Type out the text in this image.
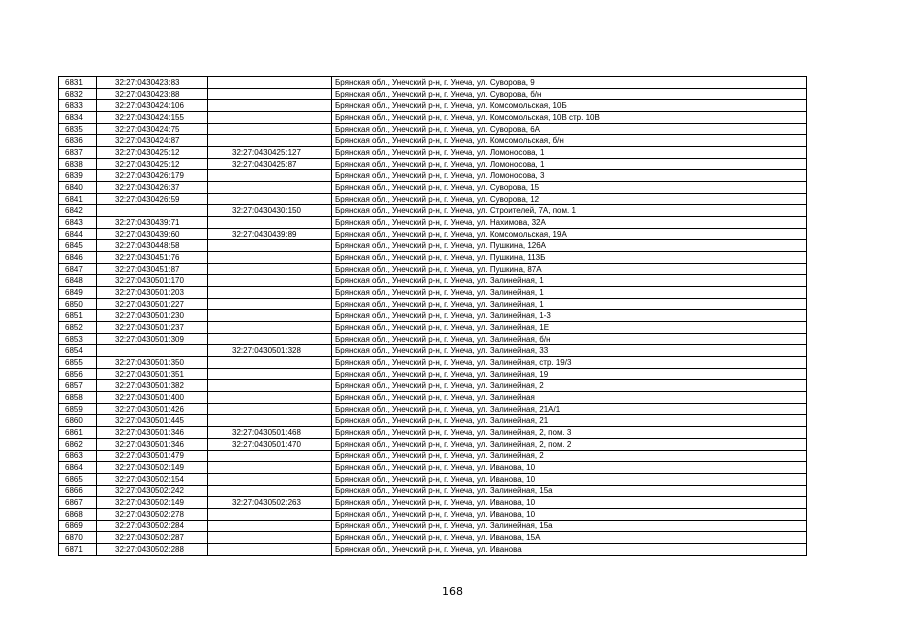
6831	32:27:0430423:83		Брянская обл., Унечский р-н, г. Унеча, ул. Суворова, 9
6832	32:27:0430423:88		Брянская обл., Унечский р-н, г. Унеча, ул. Суворова, б/н
6833	32:27:0430424:106		Брянская обл., Унечский р-н, г. Унеча, ул. Комсомольская, 10Б
6834	32:27:0430424:155		Брянская обл., Унечский р-н, г. Унеча, ул. Комсомольская, 10В стр. 10В
6835	32:27:0430424:75		Брянская обл., Унечский р-н, г. Унеча, ул. Суворова, 6А
6836	32:27:0430424:87		Брянская обл., Унечский р-н, г. Унеча, ул. Комсомольская, б/н
6837	32:27:0430425:12	32:27:0430425:127	Брянская обл., Унечский р-н, г. Унеча, ул. Ломоносова, 1
6838	32:27:0430425:12	32:27:0430425:87	Брянская обл., Унечский р-н, г. Унеча, ул. Ломоносова, 1
6839	32:27:0430426:179		Брянская обл., Унечский р-н, г. Унеча, ул. Ломоносова, 3
6840	32:27:0430426:37		Брянская обл., Унечский р-н, г. Унеча, ул. Суворова, 15
6841	32:27:0430426:59		Брянская обл., Унечский р-н, г. Унеча, ул. Суворова, 12
6842		32:27:0430430:150	Брянская обл., Унечский р-н, г. Унеча, ул. Строителей, 7А, пом. 1
6843	32:27:0430439:71		Брянская обл., Унечский р-н, г. Унеча, ул. Нахимова, 32А
6844	32:27:0430439:60	32:27:0430439:89	Брянская обл., Унечский р-н, г. Унеча, ул. Комсомольская, 19А
6845	32:27:0430448:58		Брянская обл., Унечский р-н, г. Унеча, ул. Пушкина, 126А
6846	32:27:0430451:76		Брянская обл., Унечский р-н, г. Унеча, ул. Пушкина, 113Б
6847	32:27:0430451:87		Брянская обл., Унечский р-н, г. Унеча, ул. Пушкина, 87А
6848	32:27:0430501:170		Брянская обл., Унечский р-н, г. Унеча, ул. Залинейная, 1
6849	32:27:0430501:203		Брянская обл., Унечский р-н, г. Унеча, ул. Залинейная, 1
6850	32:27:0430501:227		Брянская обл., Унечский р-н, г. Унеча, ул. Залинейная, 1
6851	32:27:0430501:230		Брянская обл., Унечский р-н, г. Унеча, ул. Залинейная, 1-3
6852	32:27:0430501:237		Брянская обл., Унечский р-н, г. Унеча, ул. Залинейная, 1Е
6853	32:27:0430501:309		Брянская обл., Унечский р-н, г. Унеча, ул. Залинейная, б/н
6854		32:27:0430501:328	Брянская обл., Унечский р-н, г. Унеча, ул. Залинейная, 33
6855	32:27:0430501:350		Брянская обл., Унечский р-н, г. Унеча, ул. Залинейная, стр. 19/3
6856	32:27:0430501:351		Брянская обл., Унечский р-н, г. Унеча, ул. Залинейная, 19
6857	32:27:0430501:382		Брянская обл., Унечский р-н, г. Унеча, ул. Залинейная, 2
6858	32:27:0430501:400		Брянская обл., Унечский р-н, г. Унеча, ул. Залинейная
6859	32:27:0430501:426		Брянская обл., Унечский р-н, г. Унеча, ул. Залинейная, 21А/1
6860	32:27:0430501:445		Брянская обл., Унечский р-н, г. Унеча, ул. Залинейная, 21
6861	32:27:0430501:346	32:27:0430501:468	Брянская обл., Унечский р-н, г. Унеча, ул. Залинейная, 2, пом. 3
6862	32:27:0430501:346	32:27:0430501:470	Брянская обл., Унечский р-н, г. Унеча, ул. Залинейная, 2, пом. 2
6863	32:27:0430501:479		Брянская обл., Унечский р-н, г. Унеча, ул. Залинейная, 2
6864	32:27:0430502:149		Брянская обл., Унечский р-н, г. Унеча, ул. Иванова, 10
6865	32:27:0430502:154		Брянская обл., Унечский р-н, г. Унеча, ул. Иванова, 10
6866	32:27:0430502:242		Брянская обл., Унечский р-н, г. Унеча, ул. Залинейная, 15а
6867	32:27:0430502:149	32:27:0430502:263	Брянская обл., Унечский р-н, г. Унеча, ул. Иванова, 10
6868	32:27:0430502:278		Брянская обл., Унечский р-н, г. Унеча, ул. Иванова, 10
6869	32:27:0430502:284		Брянская обл., Унечский р-н, г. Унеча, ул. Залинейная, 15а
6870	32:27:0430502:287		Брянская обл., Унечский р-н, г. Унеча, ул. Иванова, 15А
6871	32:27:0430502:288		Брянская обл., Унечский р-н, г. Унеча, ул. Иванова
168
